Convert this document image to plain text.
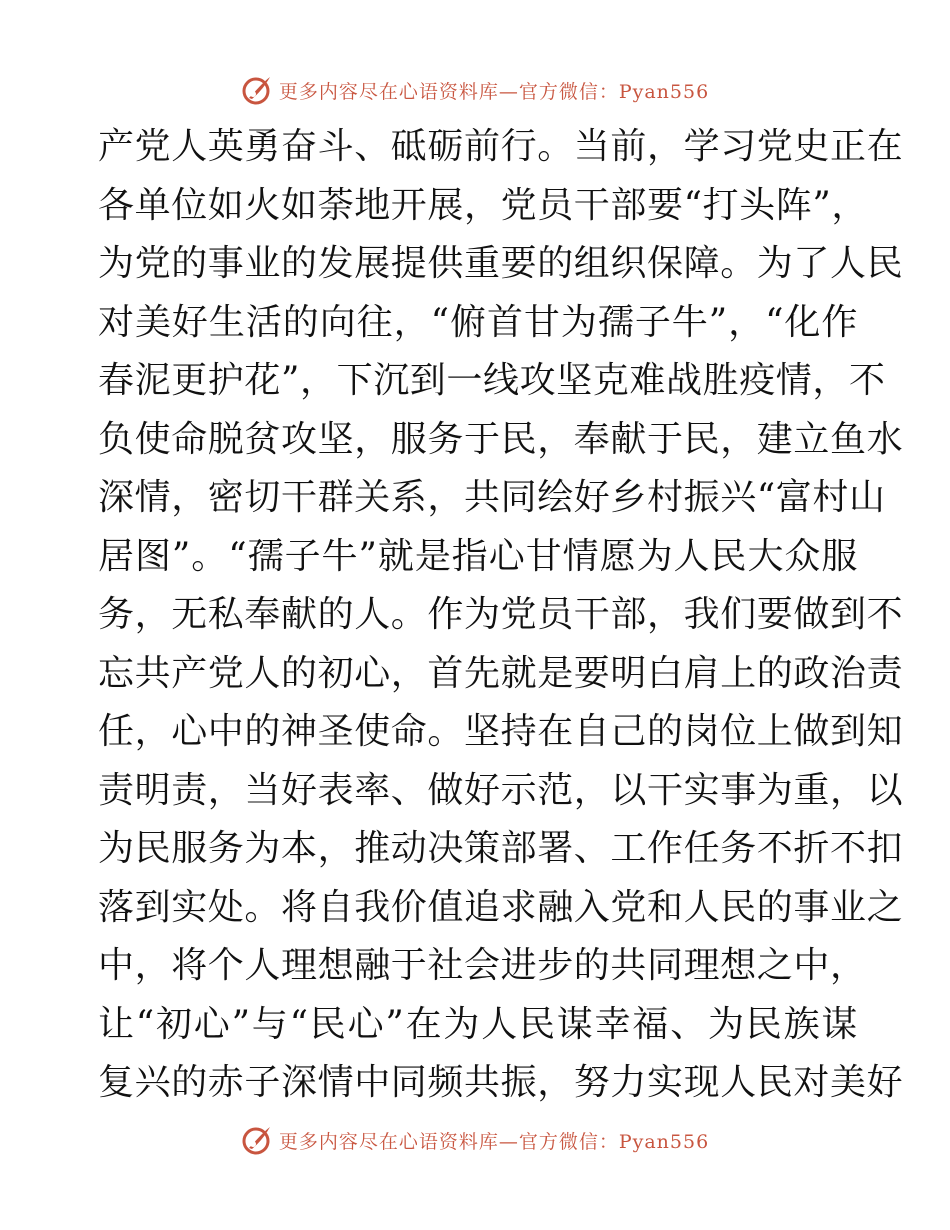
更多内容尽在心语资料库—官方微信：Pyan556
产党人英勇奋斗、砥砺前行。当前，学习党史正在
各单位如火如荼地开展，党员干部要“打头阵”，
为党的事业的发展提供重要的组织保障。为了人民
对美好生活的向往，“俯首甘为孺子牛”，“化作
春泥更护花”，下沉到一线攻坚克难战胜疫情，不
负使命脱贫攻坚，服务于民，奉献于民，建立鱼水
深情，密切干群关系，共同绘好乡村振兴“富村山
居图”。“孺子牛”就是指心甘情愿为人民大众服
务，无私奉献的人。作为党员干部，我们要做到不
忘共产党人的初心，首先就是要明白肩上的政治责
任，心中的神圣使命。坚持在自己的岗位上做到知
责明责，当好表率、做好示范，以干实事为重，以
为民服务为本，推动决策部署、工作任务不折不扣
落到实处。将自我价值追求融入党和人民的事业之
中，将个人理想融于社会进步的共同理想之中，
让“初心”与“民心”在为人民谋幸福、为民族谋
复兴的赤子深情中同频共振，努力实现人民对美好
更多内容尽在心语资料库—官方微信：Pyan556
